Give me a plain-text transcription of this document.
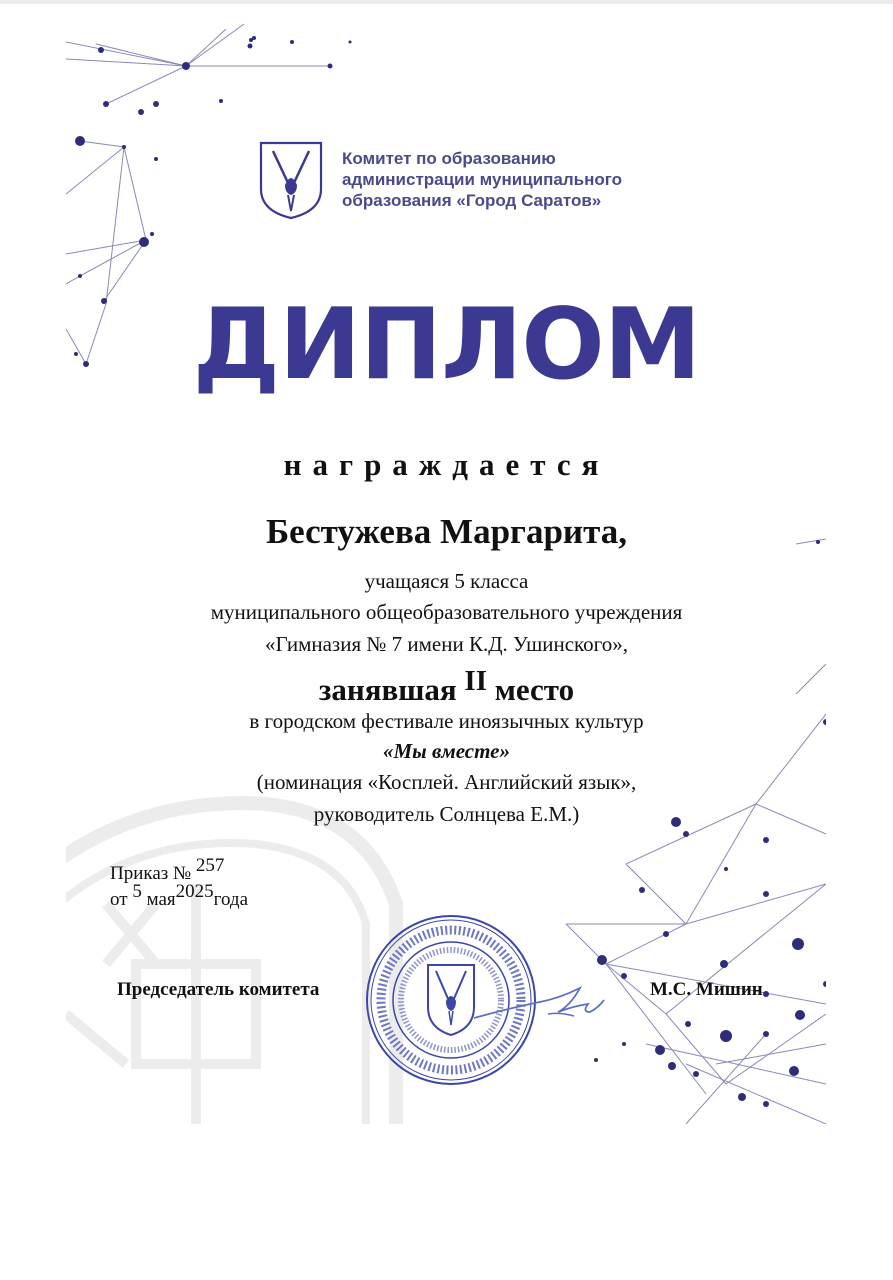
Комитет по образованию
администрации муниципального
образования «Город Саратов»
ДИПЛОМ
награждается
Бестужева Маргарита,
учащаяся 5 класса
муниципального общеобразовательного учреждения
«Гимназия № 7 имени К.Д. Ушинского»,
занявшая II место
в городском фестивале иноязычных культур
«Мы вместе»
(номинация «Косплей. Английский язык»,
руководитель Солнцева Е.М.)
Приказ № 257
от 5 мая2025года
Председатель комитета	М.С. Мишин
